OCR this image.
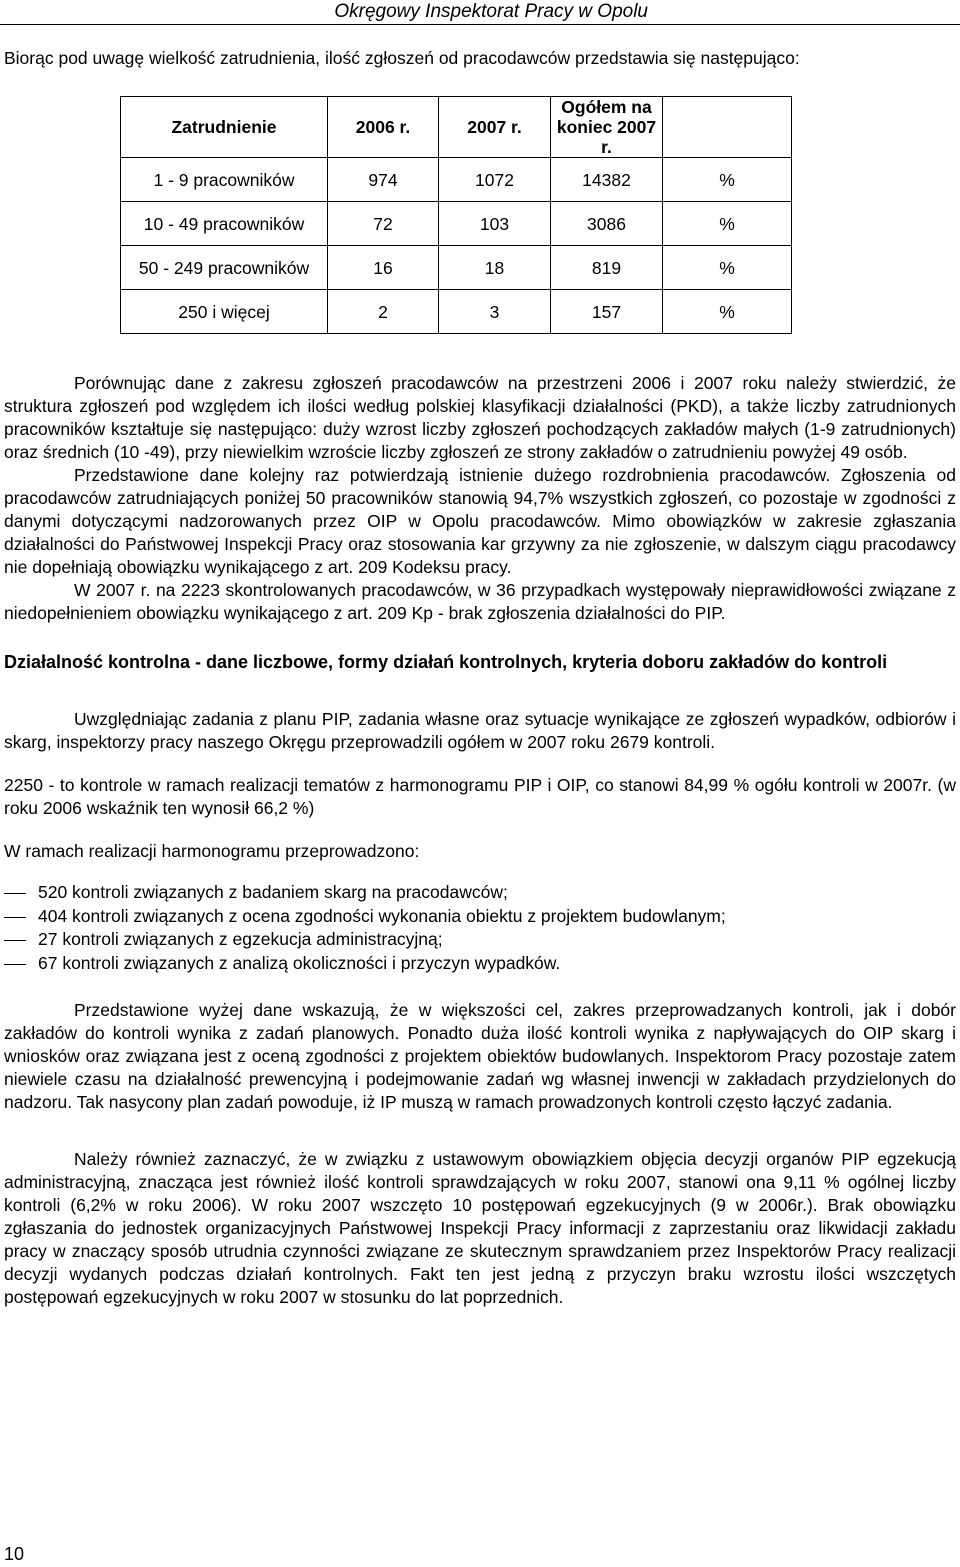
Okręgowy Inspektorat Pracy w Opolu

Biorąc pod uwagę wielkość zatrudnienia, ilość zgłoszeń od pracodawców przedstawia się następująco:

Zatrudnienie	2006 r.	2007 r.	Ogółem na koniec 2007 r.	
1 - 9 pracowników	974	1072	14382	%
10 - 49 pracowników	72	103	3086	%
50 - 249 pracowników	16	18	819	%
250 i więcej	2	3	157	%

Porównując dane z zakresu zgłoszeń pracodawców na przestrzeni 2006 i 2007 roku należy stwierdzić, że struktura zgłoszeń pod względem ich ilości według polskiej klasyfikacji działalności (PKD), a także liczby zatrudnionych pracowników kształtuje się następująco: duży wzrost liczby zgłoszeń pochodzących zakładów małych (1-9 zatrudnionych) oraz średnich (10 -49), przy niewielkim wzroście liczby zgłoszeń ze strony zakładów o zatrudnieniu powyżej 49 osób.

Przedstawione dane kolejny raz potwierdzają istnienie dużego rozdrobnienia pracodawców. Zgłoszenia od pracodawców zatrudniających poniżej 50 pracowników stanowią 94,7% wszystkich zgłoszeń, co pozostaje w zgodności z danymi dotyczącymi nadzorowanych przez OIP w Opolu pracodawców. Mimo obowiązków w zakresie zgłaszania działalności do Państwowej Inspekcji Pracy oraz stosowania kar grzywny za nie zgłoszenie, w dalszym ciągu pracodawcy nie dopełniają obowiązku wynikającego z art. 209 Kodeksu pracy.

W 2007 r. na 2223 skontrolowanych pracodawców, w 36 przypadkach występowały nieprawidłowości związane z niedopełnieniem obowiązku wynikającego z art. 209 Kp - brak zgłoszenia działalności do PIP.

Działalność kontrolna - dane liczbowe, formy działań kontrolnych, kryteria doboru zakładów do kontroli

Uwzględniając zadania z planu PIP, zadania własne oraz sytuacje wynikające ze zgłoszeń wypadków, odbiorów i skarg, inspektorzy pracy naszego Okręgu przeprowadzili ogółem w 2007 roku 2679 kontroli.

2250 - to kontrole w ramach realizacji tematów z harmonogramu PIP i OIP, co stanowi 84,99 % ogółu kontroli w 2007r. (w roku 2006 wskaźnik ten wynosił 66,2 %)

W ramach realizacji harmonogramu przeprowadzono:

520 kontroli związanych z badaniem skarg na pracodawców;
404 kontroli związanych z ocena zgodności wykonania obiektu z projektem budowlanym;
27 kontroli związanych z egzekucja administracyjną;
67 kontroli związanych z analizą okoliczności i przyczyn wypadków.

Przedstawione wyżej dane wskazują, że w większości cel, zakres przeprowadzanych kontroli, jak i dobór zakładów do kontroli wynika z zadań planowych. Ponadto duża ilość kontroli wynika z napływających do OIP skarg i wniosków oraz związana jest z oceną zgodności z projektem obiektów budowlanych. Inspektorom Pracy pozostaje zatem niewiele czasu na działalność prewencyjną i podejmowanie zadań wg własnej inwencji w zakładach przydzielonych do nadzoru. Tak nasycony plan zadań powoduje, iż IP muszą w ramach prowadzonych kontroli często łączyć zadania.

Należy również zaznaczyć, że w związku z ustawowym obowiązkiem objęcia decyzji organów PIP egzekucją administracyjną, znacząca jest również ilość kontroli sprawdzających w roku 2007, stanowi ona 9,11 % ogólnej liczby kontroli (6,2% w roku 2006). W roku 2007 wszczęto 10 postępowań egzekucyjnych (9 w 2006r.). Brak obowiązku zgłaszania do jednostek organizacyjnych Państwowej Inspekcji Pracy informacji z zaprzestaniu oraz likwidacji zakładu pracy w znaczący sposób utrudnia czynności związane ze skutecznym sprawdzaniem przez Inspektorów Pracy realizacji decyzji wydanych podczas działań kontrolnych. Fakt ten jest jedną z przyczyn braku wzrostu ilości wszczętych postępowań egzekucyjnych w roku 2007 w stosunku do lat poprzednich.

10
